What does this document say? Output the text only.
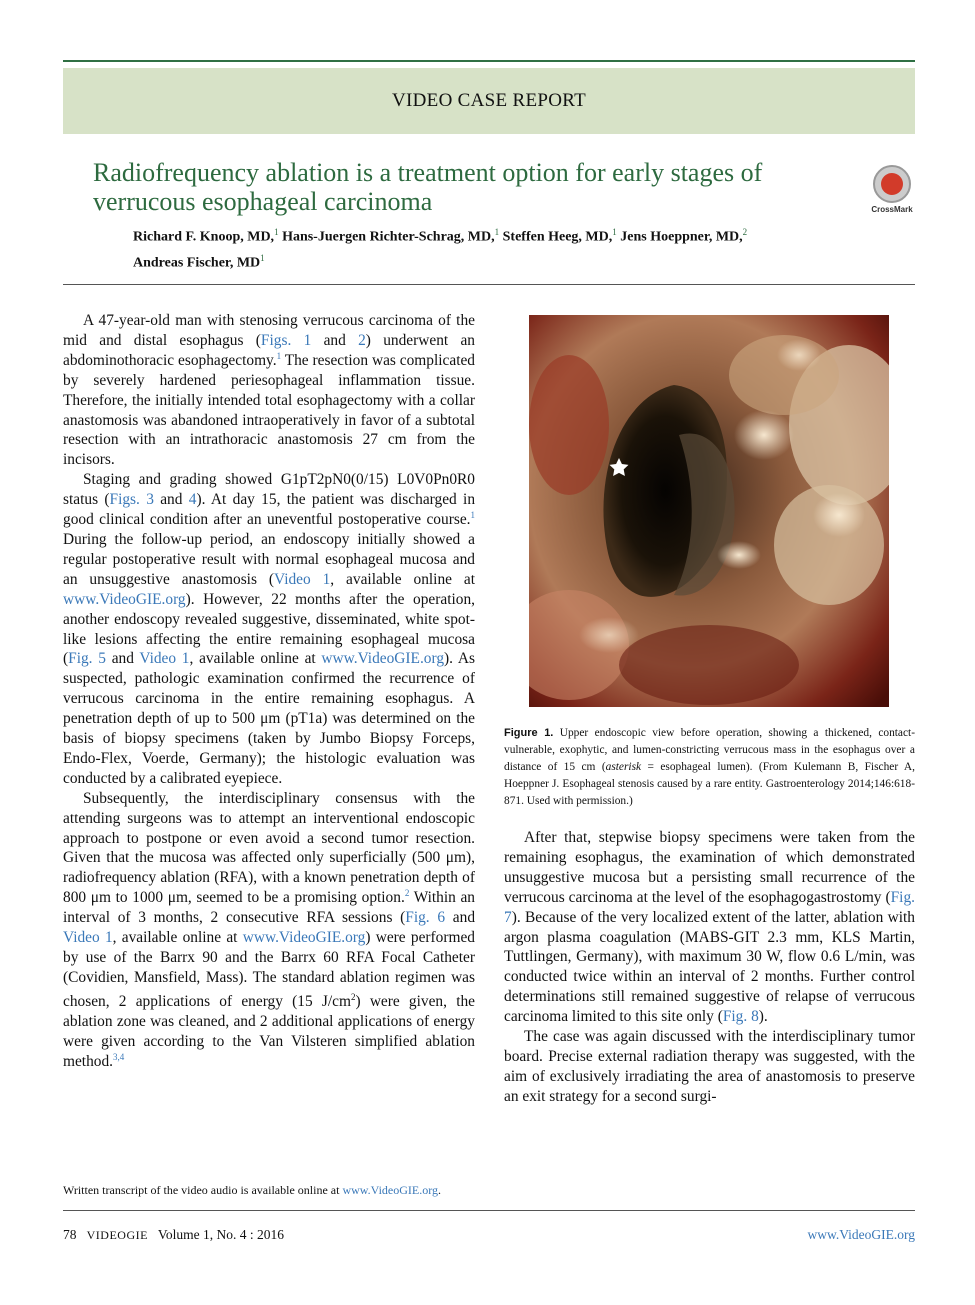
VIDEO CASE REPORT
Radiofrequency ablation is a treatment option for early stages of verrucous esophageal carcinoma	CrossMark
Richard F. Knoop, MD,$^1$ Hans-Juergen Richter-Schrag, MD,$^1$ Steffen Heeg, MD,$^1$ Jens Hoeppner, MD,$^2$
Andreas Fischer, $MD^1$

A 47-year-old man with stenosing verrucous carcinoma of the mid and distal esophagus (Figs. 1 and 2) underwent an abdominothoracic esophagectomy.$^1$ The resection was complicated by severely hardened periesophageal inflammation tissue. Therefore, the initially intended total esophagectomy with a collar anastomosis was abandoned intraoperatively in favor of a subtotal resection with an intrathoracic anastomosis 27 cm from the incisors.

Staging and grading showed G1pT2pN0(0/15) L0V0Pn0R0 status (Figs. 3 and 4). At day 15, the patient was discharged in good clinical condition after an uneventful postoperative course.$^1$ During the follow-up period, an endoscopy initially showed a regular postoperative result with normal esophageal mucosa and an unsuggestive anastomosis (Video 1, available online at www.VideoGIE.org). However, 22 months after the operation, another endoscopy revealed suggestive, disseminated, white spot-like lesions affecting the entire remaining esophageal mucosa (Fig. 5 and Video 1, available online at www.VideoGIE.org). As suspected, pathologic examination confirmed the recurrence of verrucous carcinoma in the entire remaining esophagus. A penetration depth of up to 500 μm (pT1a) was determined on the basis of biopsy specimens (taken by Jumbo Biopsy Forceps, Endo-Flex, Voerde, Germany); the histologic evaluation was conducted by a calibrated eyepiece.

Subsequently, the interdisciplinary consensus with the attending surgeons was to attempt an interventional endoscopic approach to postpone or even avoid a second tumor resection. Given that the mucosa was affected only superficially (500 μm), radiofrequency ablation (RFA), with a known penetration depth of 800 μm to 1000 μm, seemed to be a promising option.$^2$ Within an interval of 3 months, 2 consecutive RFA sessions (Fig. 6 and Video 1, available online at www.VideoGIE.org) were performed by use of the Barrx 90 and the Barrx 60 RFA Focal Catheter (Covidien, Mansfield, Mass). The standard ablation regimen was chosen, 2 applications of energy (15 $J/cm^2$) were given, the ablation zone was cleaned, and 2 additional applications of energy were given according to the Van Vilsteren simplified ablation method.$^{3,4}$

Figure 1. Upper endoscopic view before operation, showing a thickened, contact-vulnerable, exophytic, and lumen-constricting verrucous mass in the esophagus over a distance of 15 cm (asterisk = esophageal lumen). (From Kulemann B, Fischer A, Hoeppner J. Esophageal stenosis caused by a rare entity. Gastroenterology 2014;146:618-871. Used with permission.)

After that, stepwise biopsy specimens were taken from the remaining esophagus, the examination of which demonstrated unsuggestive mucosa but a persisting small recurrence of the verrucous carcinoma at the level of the esophagogastrostomy (Fig. 7). Because of the very localized extent of the latter, ablation with argon plasma coagulation (MABS-GIT 2.3 mm, KLS Martin, Tuttlingen, Germany), with maximum 30 W, flow 0.6 L/min, was conducted twice within an interval of 2 months. Further control determinations still remained suggestive of relapse of verrucous carcinoma limited to this site only (Fig. 8).

The case was again discussed with the interdisciplinary tumor board. Precise external radiation therapy was suggested, with the aim of exclusively irradiating the area of anastomosis to preserve an exit strategy for a second surgi-

Written transcript of the video audio is available online at www.VideoGIE.org.
78 VIDEOGIE Volume 1, No. 4 : 2016	www.VideoGIE.org
